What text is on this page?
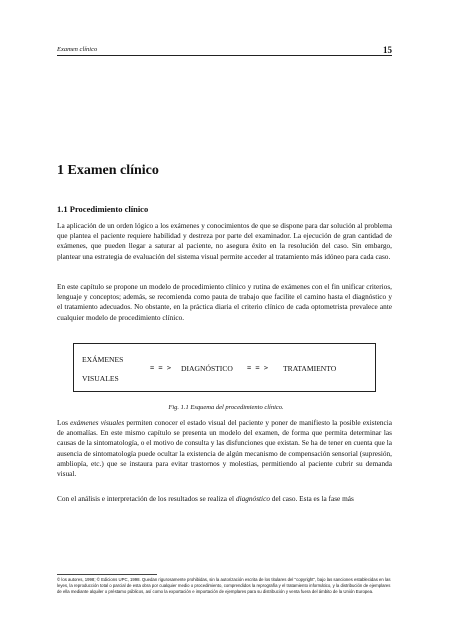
Examen clínico	15
1 Examen clínico
1.1 Procedimiento clínico

La aplicación de un orden lógico a los exámenes y conocimientos de que se dispone para dar solución al problema que plantea el paciente requiere habilidad y destreza por parte del examinador. La ejecución de gran cantidad de exámenes, que pueden llegar a saturar al paciente, no asegura éxito en la resolución del caso. Sin embargo, plantear una estrategia de evaluación del sistema visual permite acceder al tratamiento más idóneo para cada caso.

En este capítulo se propone un modelo de procedimiento clínico y rutina de exámenes con el fin unificar criterios, lenguaje y conceptos; además, se recomienda como pauta de trabajo que facilite el camino hasta el diagnóstico y el tratamiento adecuados. No obstante, en la práctica diaria el criterio clínico de cada optometrista prevalece ante cualquier modelo de procedimiento clínico.

EXÁMENES
VISUALES
= = > DIAGNÓSTICO = = > TRATAMIENTO
Fig. 1.1 Esquema del procedimiento clínico.

Los exámenes visuales permiten conocer el estado visual del paciente y poner de manifiesto la posible existencia de anomalías. En este mismo capítulo se presenta un modelo del examen, de forma que permita determinar las causas de la sintomatología, o el motivo de consulta y las disfunciones que existan. Se ha de tener en cuenta que la ausencia de sintomatología puede ocultar la existencia de algún mecanismo de compensación sensorial (supresión, ambliopía, etc.) que se instaura para evitar trastornos y molestias, permitiendo al paciente cubrir su demanda visual.

Con el análisis e interpretación de los resultados se realiza el diagnóstico del caso. Esta es la fase más

© los autores, 1998; © Edicions UPC, 1998. Quedan rigurosamente prohibidas, sin la autorización escrita de los titulares del "copyright", bajo las sanciones establecidas en las leyes, la reproducción total o parcial de esta obra por cualquier medio o procedimiento, comprendidos la reprografía y el tratamiento informático, y la distribución de ejemplares de ella mediante alquiler o préstamo públicos, así como la exportación e importación de ejemplares para su distribución y venta fuera del ámbito de la Unión Europea.
